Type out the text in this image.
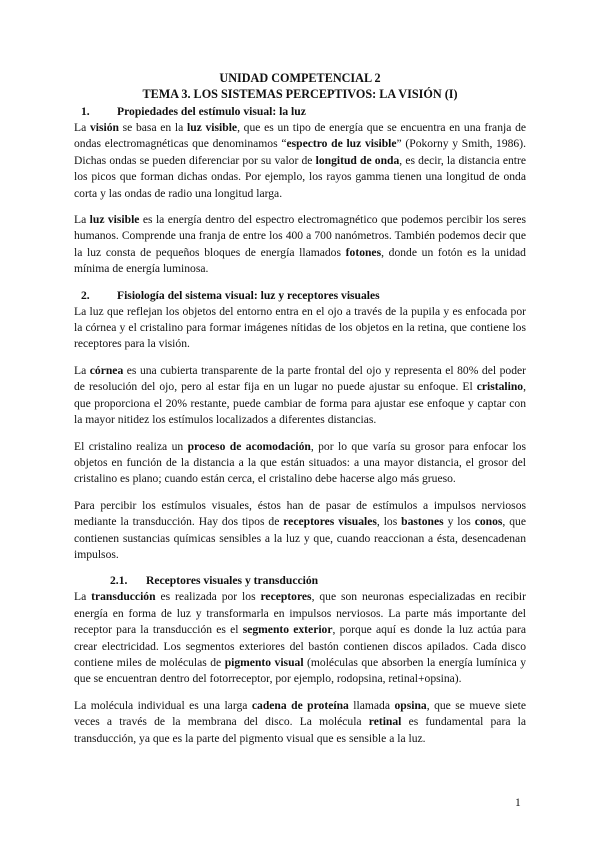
UNIDAD COMPETENCIAL 2
TEMA 3. LOS SISTEMAS PERCEPTIVOS: LA VISIÓN (I)
1. Propiedades del estímulo visual: la luz

La visión se basa en la luz visible, que es un tipo de energía que se encuentra en una franja de ondas electromagnéticas que denominamos “espectro de luz visible” (Pokorny y Smith, 1986). Dichas ondas se pueden diferenciar por su valor de longitud de onda, es decir, la distancia entre los picos que forman dichas ondas. Por ejemplo, los rayos gamma tienen una longitud de onda corta y las ondas de radio una longitud larga.

La luz visible es la energía dentro del espectro electromagnético que podemos percibir los seres humanos. Comprende una franja de entre los 400 a 700 nanómetros. También podemos decir que la luz consta de pequeños bloques de energía llamados fotones, donde un fotón es la unidad mínima de energía luminosa.

2. Fisiología del sistema visual: luz y receptores visuales

La luz que reflejan los objetos del entorno entra en el ojo a través de la pupila y es enfocada por la córnea y el cristalino para formar imágenes nítidas de los objetos en la retina, que contiene los receptores para la visión.

La córnea es una cubierta transparente de la parte frontal del ojo y representa el 80% del poder de resolución del ojo, pero al estar fija en un lugar no puede ajustar su enfoque. El cristalino, que proporciona el 20% restante, puede cambiar de forma para ajustar ese enfoque y captar con la mayor nitidez los estímulos localizados a diferentes distancias.

El cristalino realiza un proceso de acomodación, por lo que varía su grosor para enfocar los objetos en función de la distancia a la que están situados: a una mayor distancia, el grosor del cristalino es plano; cuando están cerca, el cristalino debe hacerse algo más grueso.

Para percibir los estímulos visuales, éstos han de pasar de estímulos a impulsos nerviosos mediante la transducción. Hay dos tipos de receptores visuales, los bastones y los conos, que contienen sustancias químicas sensibles a la luz y que, cuando reaccionan a ésta, desencadenan impulsos.

2.1. Receptores visuales y transducción

La transducción es realizada por los receptores, que son neuronas especializadas en recibir energía en forma de luz y transformarla en impulsos nerviosos. La parte más importante del receptor para la transducción es el segmento exterior, porque aquí es donde la luz actúa para crear electricidad. Los segmentos exteriores del bastón contienen discos apilados. Cada disco contiene miles de moléculas de pigmento visual (moléculas que absorben la energía lumínica y que se encuentran dentro del fotorreceptor, por ejemplo, rodopsina, retinal+opsina).

La molécula individual es una larga cadena de proteína llamada opsina, que se mueve siete veces a través de la membrana del disco. La molécula retinal es fundamental para la transducción, ya que es la parte del pigmento visual que es sensible a la luz.

1
